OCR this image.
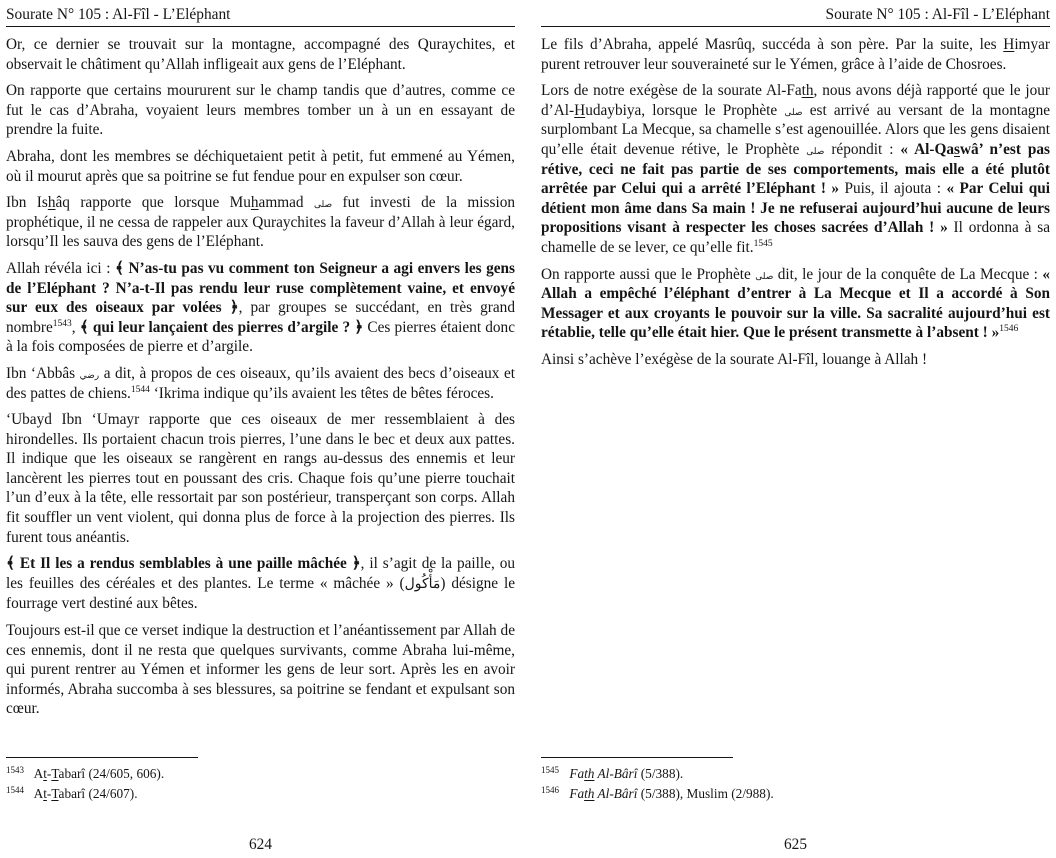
Sourate N° 105 : Al-Fîl - L’Eléphant

Or, ce dernier se trouvait sur la montagne, accompagné des Quraychites, et observait le châtiment qu’Allah infligeait aux gens de l’Eléphant.

On rapporte que certains moururent sur le champ tandis que d’autres, comme ce fut le cas d’Abraha, voyaient leurs membres tomber un à un en essayant de prendre la fuite.

Abraha, dont les membres se déchiquetaient petit à petit, fut emmené au Yémen, où il mourut après que sa poitrine se fut fendue pour en expulser son cœur.

Ibn Ishâq rapporte que lorsque Muhammad صلى fut investi de la mission prophétique, il ne cessa de rappeler aux Quraychites la faveur d’Allah à leur égard, lorsqu’Il les sauva des gens de l’Eléphant.

Allah révéla ici : ﴾ N’as-tu pas vu comment ton Seigneur a agi envers les gens de l’Eléphant ? N’a-t-Il pas rendu leur ruse complètement vaine, et envoyé sur eux des oiseaux par volées ﴿, par groupes se succédant, en très grand nombre$^{1543}$, ﴾ qui leur lançaient des pierres d’argile ? ﴿ Ces pierres étaient donc à la fois composées de pierre et d’argile.

Ibn ‘Abbâs رضي a dit, à propos de ces oiseaux, qu’ils avaient des becs d’oiseaux et des pattes de chiens.$^{1544}$ ‘Ikrima indique qu’ils avaient les têtes de bêtes féroces.

‘Ubayd Ibn ‘Umayr rapporte que ces oiseaux de mer ressemblaient à des hirondelles. Ils portaient chacun trois pierres, l’une dans le bec et deux aux pattes. Il indique que les oiseaux se rangèrent en rangs au-dessus des ennemis et leur lancèrent les pierres tout en poussant des cris. Chaque fois qu’une pierre touchait l’un d’eux à la tête, elle ressortait par son postérieur, transperçant son corps. Allah fit souffler un vent violent, qui donna plus de force à la projection des pierres. Ils furent tous anéantis.

﴾ Et Il les a rendus semblables à une paille mâchée ﴿, il s’agit de la paille, ou les feuilles des céréales et des plantes. Le terme « mâchée » (مَأْكُول) désigne le fourrage vert destiné aux bêtes.

Toujours est-il que ce verset indique la destruction et l’anéantissement par Allah de ces ennemis, dont il ne resta que quelques survivants, comme Abraha lui-même, qui purent rentrer au Yémen et informer les gens de leur sort. Après les en avoir informés, Abraha succomba à ses blessures, sa poitrine se fendant et expulsant son cœur.

$^{1543}$ At-Tabarî (24/605, 606).
$^{1544}$ At-Tabarî (24/607).
624
Sourate N° 105 : Al-Fîl - L’Eléphant

Le fils d’Abraha, appelé Masrûq, succéda à son père. Par la suite, les Himyar purent retrouver leur souveraineté sur le Yémen, grâce à l’aide de Chosroes.

Lors de notre exégèse de la sourate Al-Fath, nous avons déjà rapporté que le jour d’Al-Hudaybiya, lorsque le Prophète صلى est arrivé au versant de la montagne surplombant La Mecque, sa chamelle s’est agenouillée. Alors que les gens disaient qu’elle était devenue rétive, le Prophète صلى répondit : « Al-Qaswâ’ n’est pas rétive, ceci ne fait pas partie de ses comportements, mais elle a été plutôt arrêtée par Celui qui a arrêté l’Eléphant ! » Puis, il ajouta : « Par Celui qui détient mon âme dans Sa main ! Je ne refuserai aujourd’hui aucune de leurs propositions visant à respecter les choses sacrées d’Allah ! » Il ordonna à sa chamelle de se lever, ce qu’elle fit.$^{1545}$

On rapporte aussi que le Prophète صلى dit, le jour de la conquête de La Mecque : « Allah a empêché l’éléphant d’entrer à La Mecque et Il a accordé à Son Messager et aux croyants le pouvoir sur la ville. Sa sacralité aujourd’hui est rétablie, telle qu’elle était hier. Que le présent transmette à l’absent ! »$^{1546}$

Ainsi s’achève l’exégèse de la sourate Al-Fîl, louange à Allah !

$^{1545}$ Fath Al-Bârî (5/388).
$^{1546}$ Fath Al-Bârî (5/388), Muslim (2/988).
625
